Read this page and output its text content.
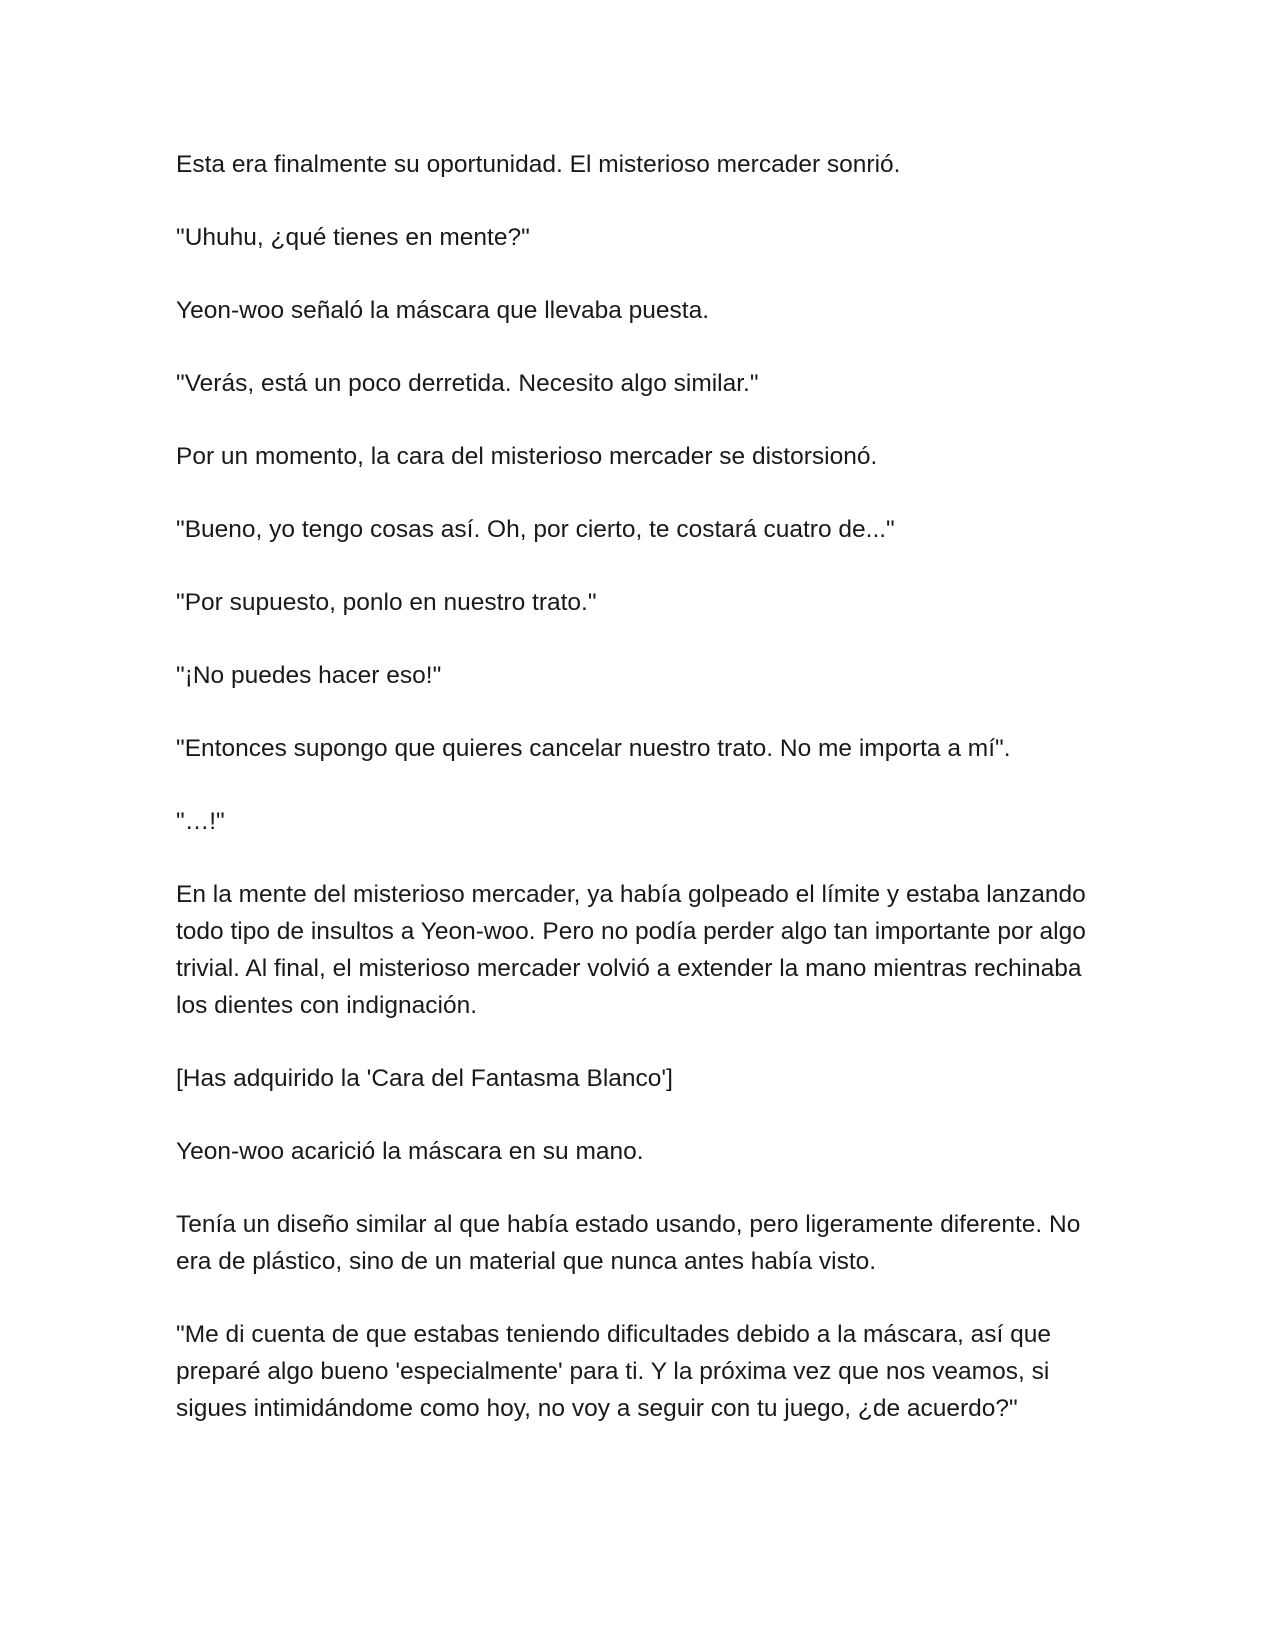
Esta era finalmente su oportunidad. El misterioso mercader sonrió.

"Uhuhu, ¿qué tienes en mente?"

Yeon-woo señaló la máscara que llevaba puesta.

"Verás, está un poco derretida. Necesito algo similar."

Por un momento, la cara del misterioso mercader se distorsionó.

"Bueno, yo tengo cosas así. Oh, por cierto, te costará cuatro de..."

"Por supuesto, ponlo en nuestro trato."

"¡No puedes hacer eso!"

"Entonces supongo que quieres cancelar nuestro trato. No me importa a mí".

"…!"

En la mente del misterioso mercader, ya había golpeado el límite y estaba lanzando todo tipo de insultos a Yeon-woo. Pero no podía perder algo tan importante por algo trivial. Al final, el misterioso mercader volvió a extender la mano mientras rechinaba los dientes con indignación.

[Has adquirido la 'Cara del Fantasma Blanco']

Yeon-woo acarició la máscara en su mano.

Tenía un diseño similar al que había estado usando, pero ligeramente diferente. No era de plástico, sino de un material que nunca antes había visto.

"Me di cuenta de que estabas teniendo dificultades debido a la máscara, así que preparé algo bueno 'especialmente' para ti. Y la próxima vez que nos veamos, si sigues intimidándome como hoy, no voy a seguir con tu juego, ¿de acuerdo?"
